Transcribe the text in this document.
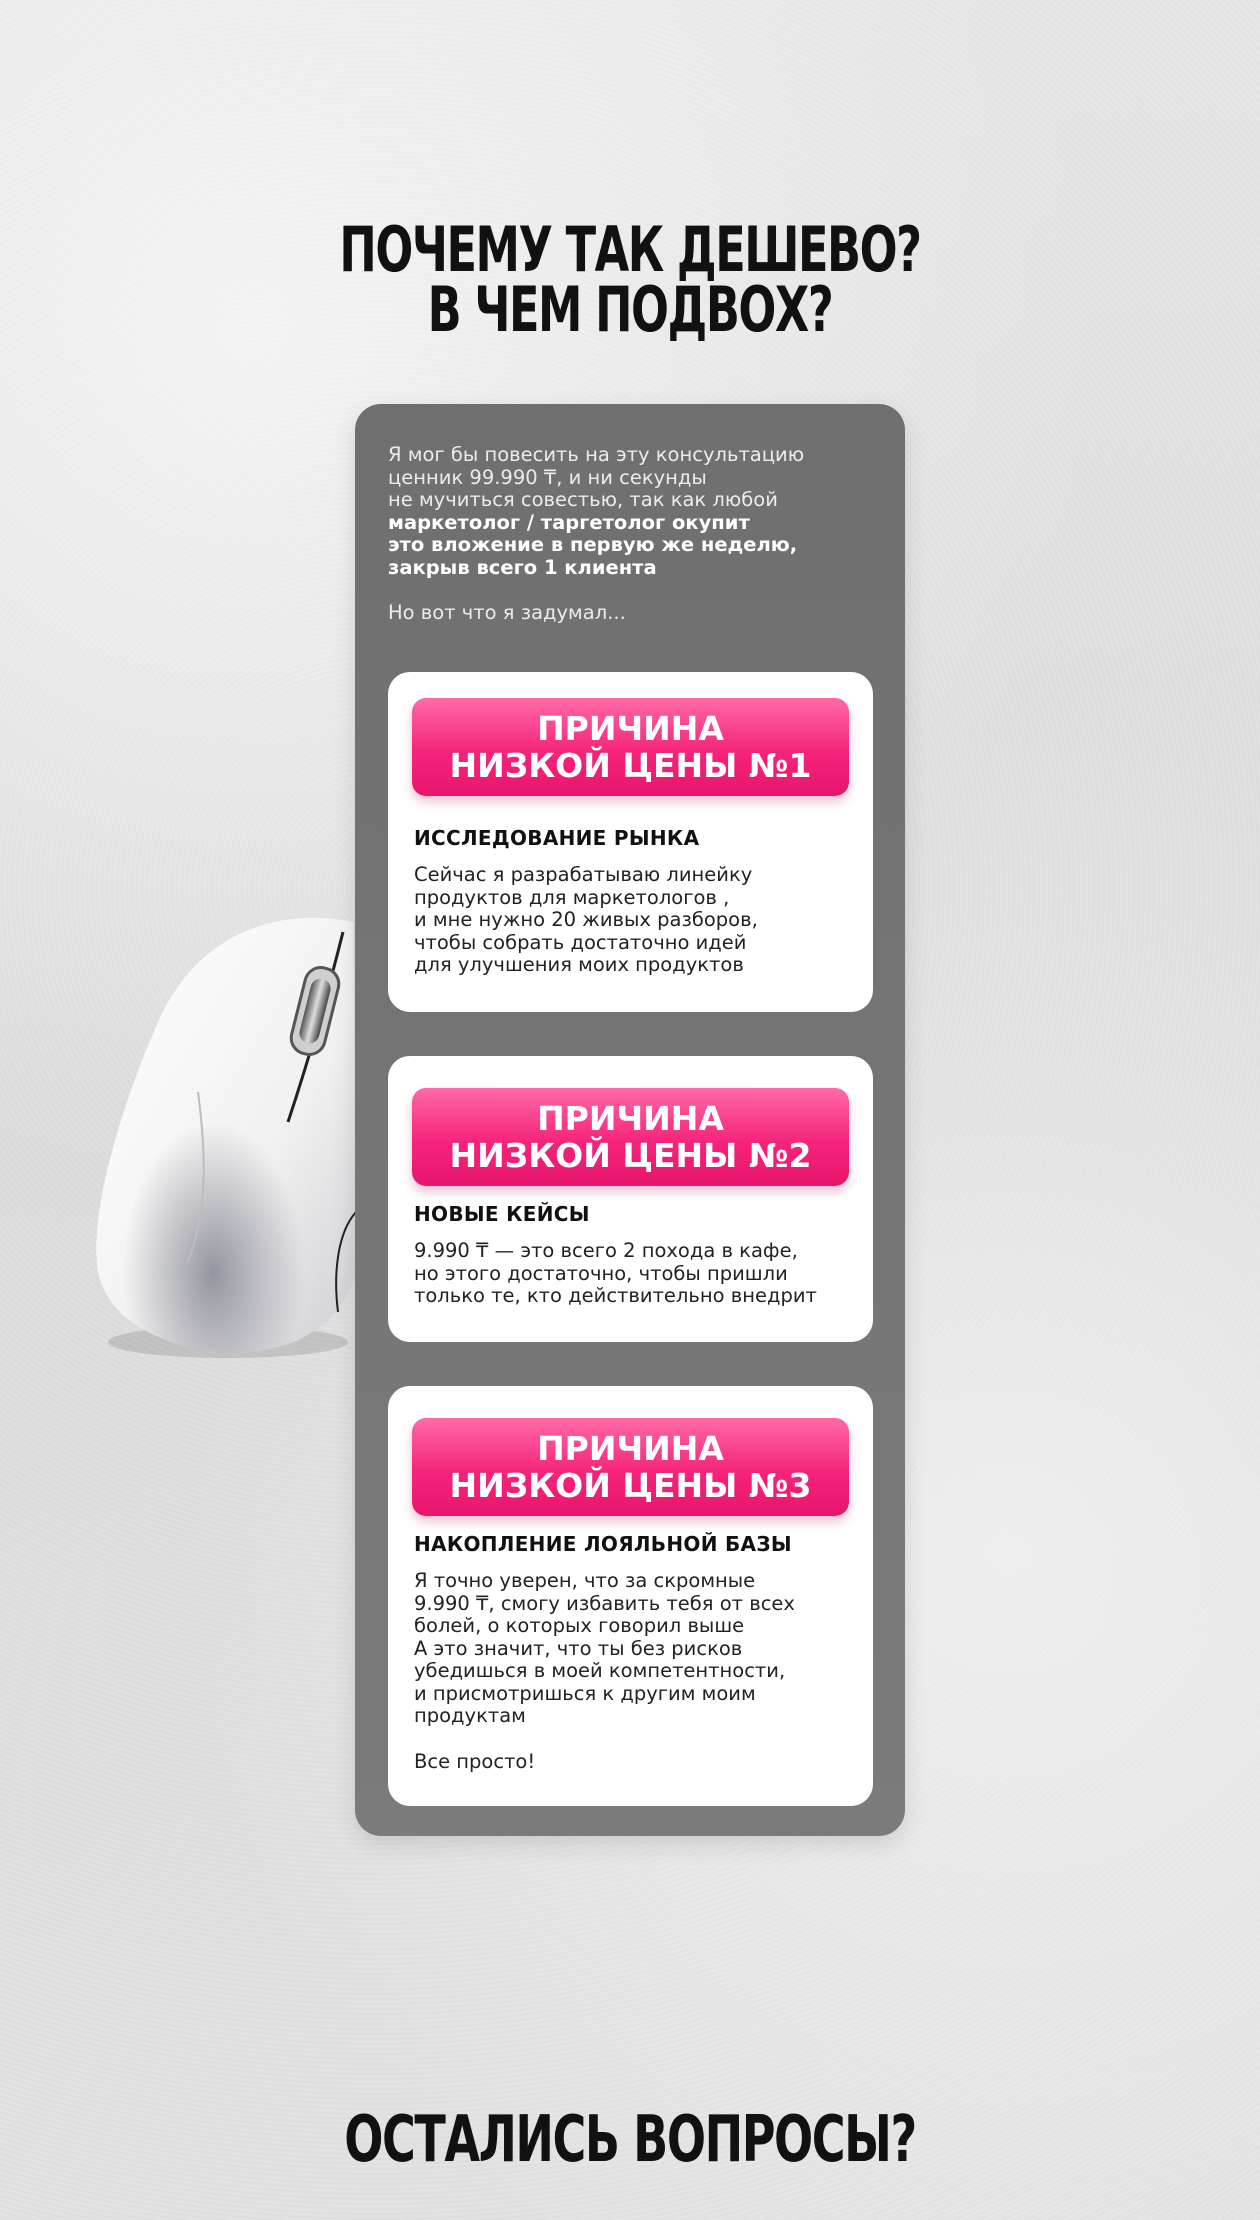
ПОЧЕМУ ТАК ДЕШЕВО?
В ЧЕМ ПОДВОХ?

Я мог бы повесить на эту консультацию

ценник 99.990 ₸, и ни секунды

не мучиться совестью, так как любой

маркетолог / таргетолог окупит

это вложение в первую же неделю,

закрыв всего 1 клиента

Но вот что я задумал...

ПРИЧИНА
НИЗКОЙ ЦЕНЫ №1
ИССЛЕДОВАНИЕ РЫНКА

Сейчас я разрабатываю линейку

продуктов для маркетологов ,

и мне нужно 20 живых разборов,

чтобы собрать достаточно идей

для улучшения моих продуктов

ПРИЧИНА
НИЗКОЙ ЦЕНЫ №2
НОВЫЕ КЕЙСЫ

9.990 ₸ — это всего 2 похода в кафе,

но этого достаточно, чтобы пришли

только те, кто действительно внедрит

ПРИЧИНА
НИЗКОЙ ЦЕНЫ №3
НАКОПЛЕНИЕ ЛОЯЛЬНОЙ БАЗЫ

Я точно уверен, что за скромные

9.990 ₸, смогу избавить тебя от всех

болей, о которых говорил выше

А это значит, что ты без рисков

убедишься в моей компетентности,

и присмотришься к другим моим

продуктам

Все просто!

ОСТАЛИСЬ ВОПРОСЫ?
